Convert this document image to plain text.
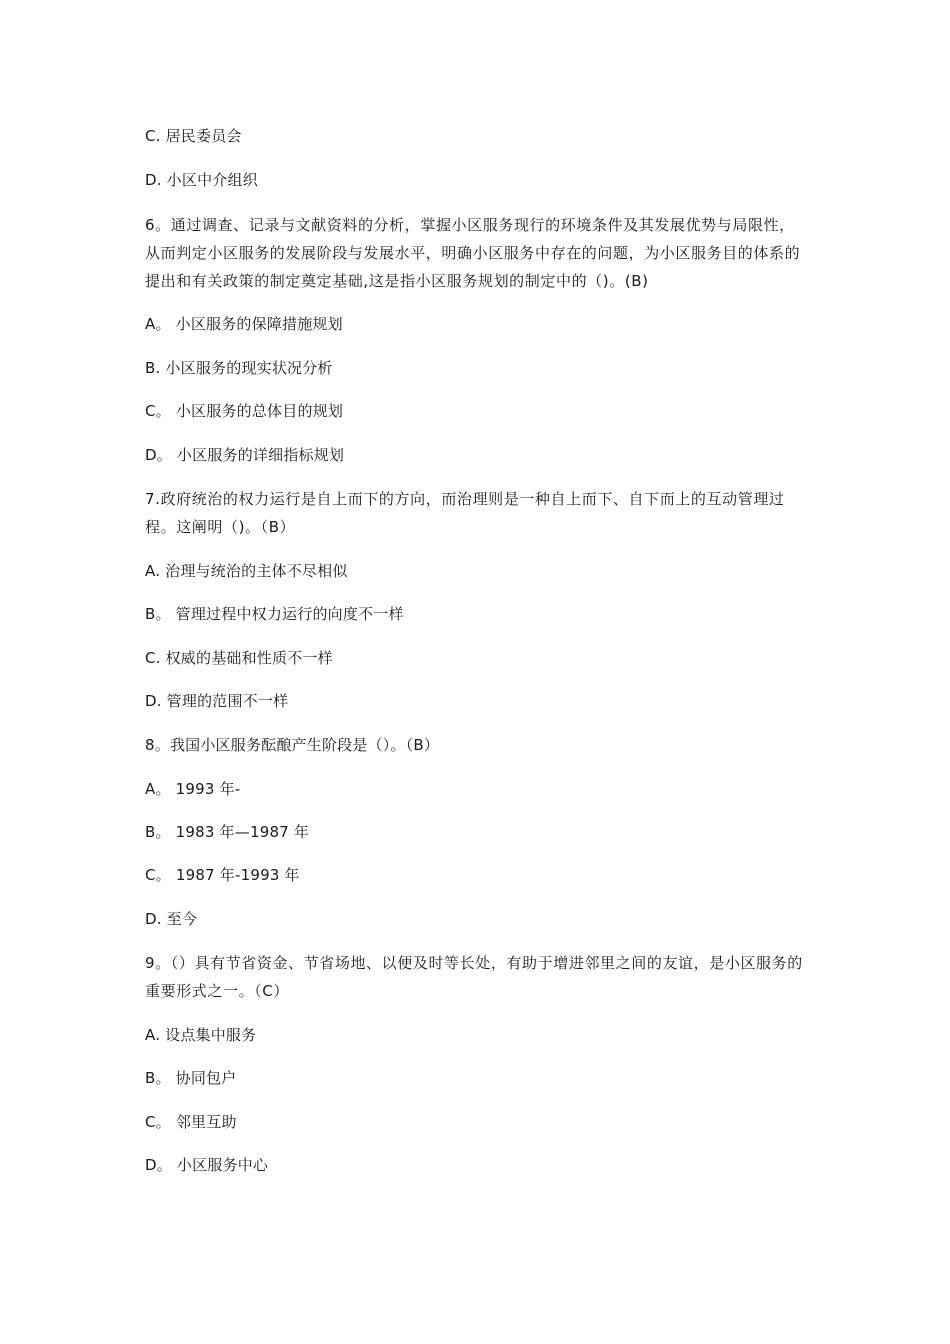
C. 居民委员会
D. 小区中介组织
6。通过调查、记录与文献资料的分析，掌握小区服务现行的环境条件及其发展优势与局限性，从而判定小区服务的发展阶段与发展水平，明确小区服务中存在的问题，为小区服务目的体系的提出和有关政策的制定奠定基础,这是指小区服务规划的制定中的（)。(B)
A。 小区服务的保障措施规划
B. 小区服务的现实状况分析
C。 小区服务的总体目的规划
D。 小区服务的详细指标规划
7.政府统治的权力运行是自上而下的方向，而治理则是一种自上而下、自下而上的互动管理过程。这阐明（)。（B）
A. 治理与统治的主体不尽相似
B。 管理过程中权力运行的向度不一样
C. 权威的基础和性质不一样
D. 管理的范围不一样
8。我国小区服务酝酿产生阶段是（）。（B）
A。 1993 年-
B。 1983 年—1987 年
C。 1987 年-1993 年
D. 至今
9。（）具有节省资金、节省场地、以便及时等长处，有助于增进邻里之间的友谊，是小区服务的重要形式之一。（C）
A. 设点集中服务
B。 协同包户
C。 邻里互助
D。 小区服务中心
